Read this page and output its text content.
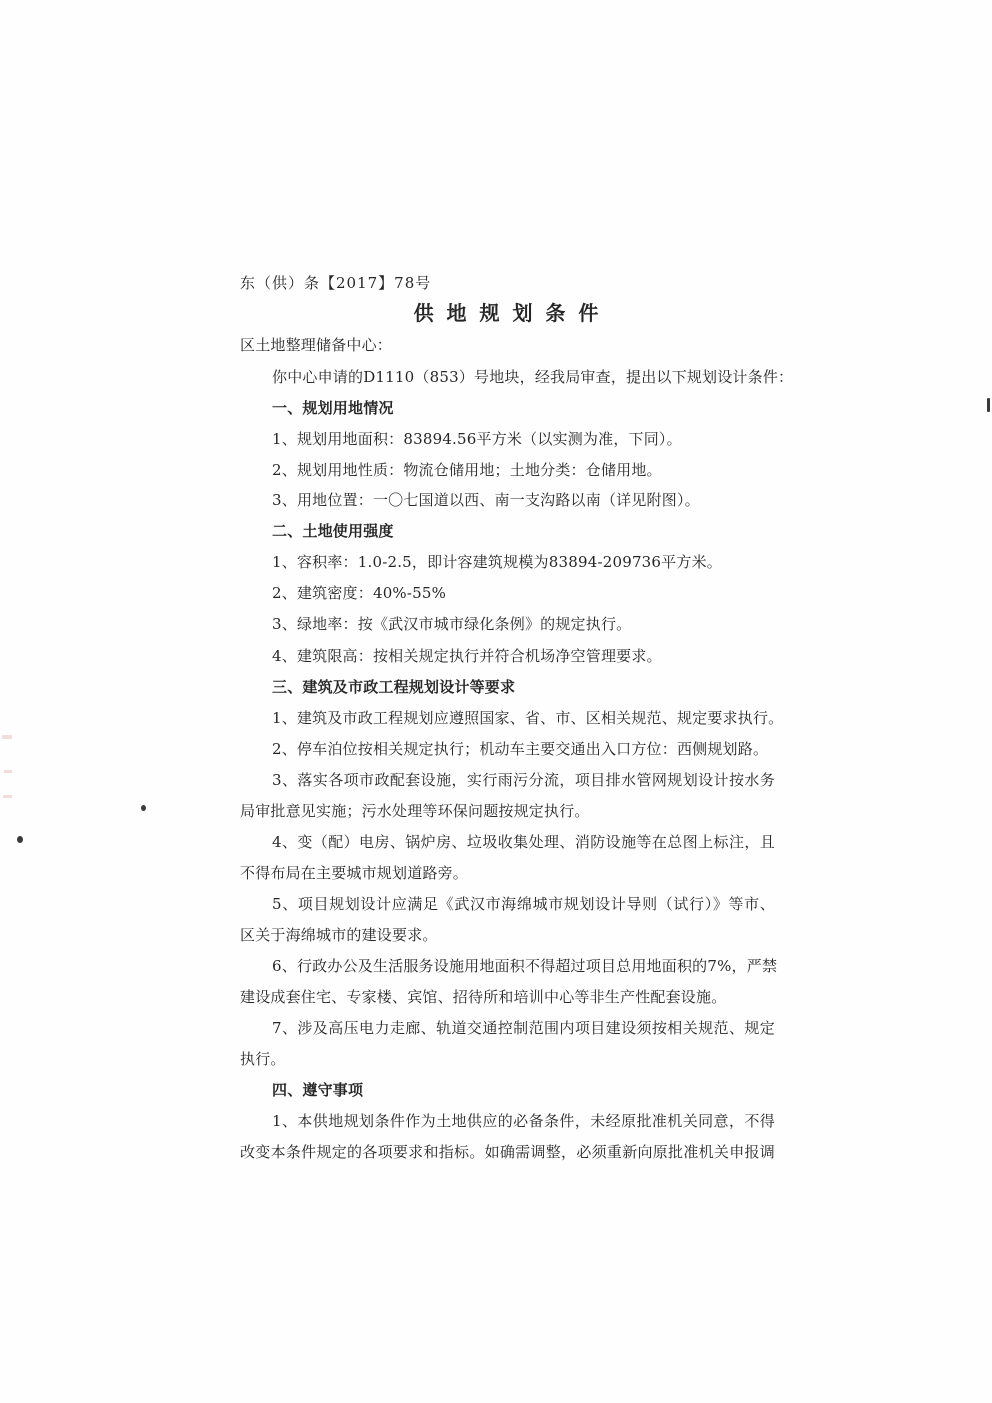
东（供）条【2017】78号
供 地 规 划 条 件
区土地整理储备中心：
你中心申请的D1110（853）号地块，经我局审查，提出以下规划设计条件：
一、规划用地情况
1、规划用地面积：83894.56平方米（以实测为准，下同）。
2、规划用地性质：物流仓储用地；土地分类：仓储用地。
3、用地位置：一〇七国道以西、南一支沟路以南（详见附图）。
二、土地使用强度
1、容积率：1.0-2.5，即计容建筑规模为83894-209736平方米。
2、建筑密度：40%-55%
3、绿地率：按《武汉市城市绿化条例》的规定执行。
4、建筑限高：按相关规定执行并符合机场净空管理要求。
三、建筑及市政工程规划设计等要求
1、建筑及市政工程规划应遵照国家、省、市、区相关规范、规定要求执行。
2、停车泊位按相关规定执行；机动车主要交通出入口方位：西侧规划路。
3、落实各项市政配套设施，实行雨污分流，项目排水管网规划设计按水务
局审批意见实施；污水处理等环保问题按规定执行。
4、变（配）电房、锅炉房、垃圾收集处理、消防设施等在总图上标注，且
不得布局在主要城市规划道路旁。
5、项目规划设计应满足《武汉市海绵城市规划设计导则（试行）》等市、
区关于海绵城市的建设要求。
6、行政办公及生活服务设施用地面积不得超过项目总用地面积的7%，严禁
建设成套住宅、专家楼、宾馆、招待所和培训中心等非生产性配套设施。
7、涉及高压电力走廊、轨道交通控制范围内项目建设须按相关规范、规定
执行。
四、遵守事项
1、本供地规划条件作为土地供应的必备条件，未经原批准机关同意，不得
改变本条件规定的各项要求和指标。如确需调整，必须重新向原批准机关申报调
